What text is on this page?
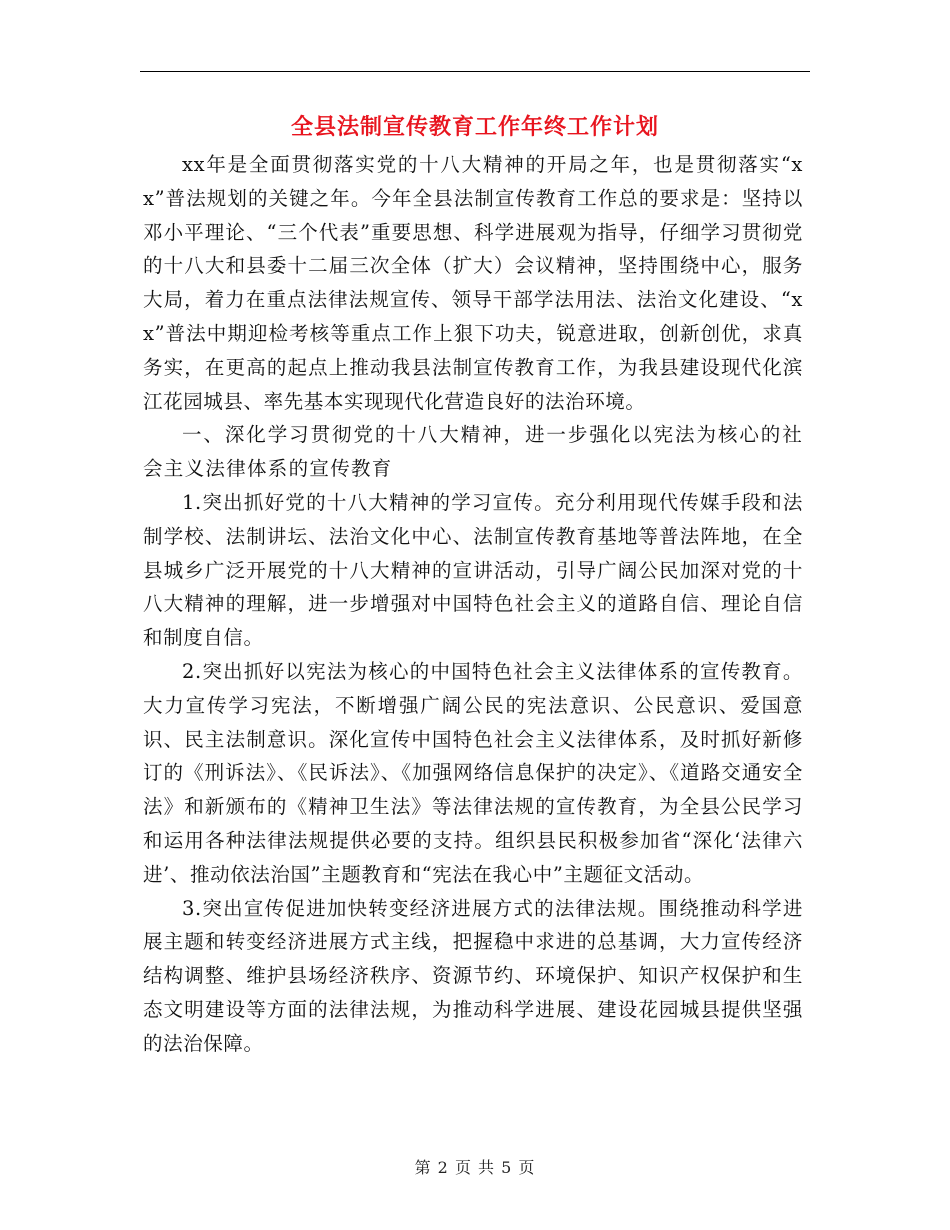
全县法制宣传教育工作年终工作计划

xx年是全面贯彻落实党的十八大精神的开局之年，也是贯彻落实“xx”普法规划的关键之年。今年全县法制宣传教育工作总的要求是：坚持以邓小平理论、“三个代表”重要思想、科学进展观为指导，仔细学习贯彻党的十八大和县委十二届三次全体（扩大）会议精神，坚持围绕中心，服务大局，着力在重点法律法规宣传、领导干部学法用法、法治文化建设、“xx”普法中期迎检考核等重点工作上狠下功夫，锐意进取，创新创优，求真务实，在更高的起点上推动我县法制宣传教育工作，为我县建设现代化滨江花园城县、率先基本实现现代化营造良好的法治环境。

一、深化学习贯彻党的十八大精神，进一步强化以宪法为核心的社会主义法律体系的宣传教育

1.突出抓好党的十八大精神的学习宣传。充分利用现代传媒手段和法制学校、法制讲坛、法治文化中心、法制宣传教育基地等普法阵地，在全县城乡广泛开展党的十八大精神的宣讲活动，引导广阔公民加深对党的十八大精神的理解，进一步增强对中国特色社会主义的道路自信、理论自信和制度自信。

2.突出抓好以宪法为核心的中国特色社会主义法律体系的宣传教育。大力宣传学习宪法，不断增强广阔公民的宪法意识、公民意识、爱国意识、民主法制意识。深化宣传中国特色社会主义法律体系，及时抓好新修订的《刑诉法》、《民诉法》、《加强网络信息保护的决定》、《道路交通安全法》和新颁布的《精神卫生法》等法律法规的宣传教育，为全县公民学习和运用各种法律法规提供必要的支持。组织县民积极参加省“深化‘法律六进’、推动依法治国”主题教育和“宪法在我心中”主题征文活动。

3.突出宣传促进加快转变经济进展方式的法律法规。围绕推动科学进展主题和转变经济进展方式主线，把握稳中求进的总基调，大力宣传经济结构调整、维护县场经济秩序、资源节约、环境保护、知识产权保护和生态文明建设等方面的法律法规，为推动科学进展、建设花园城县提供坚强的法治保障。

第 2 页 共 5 页
